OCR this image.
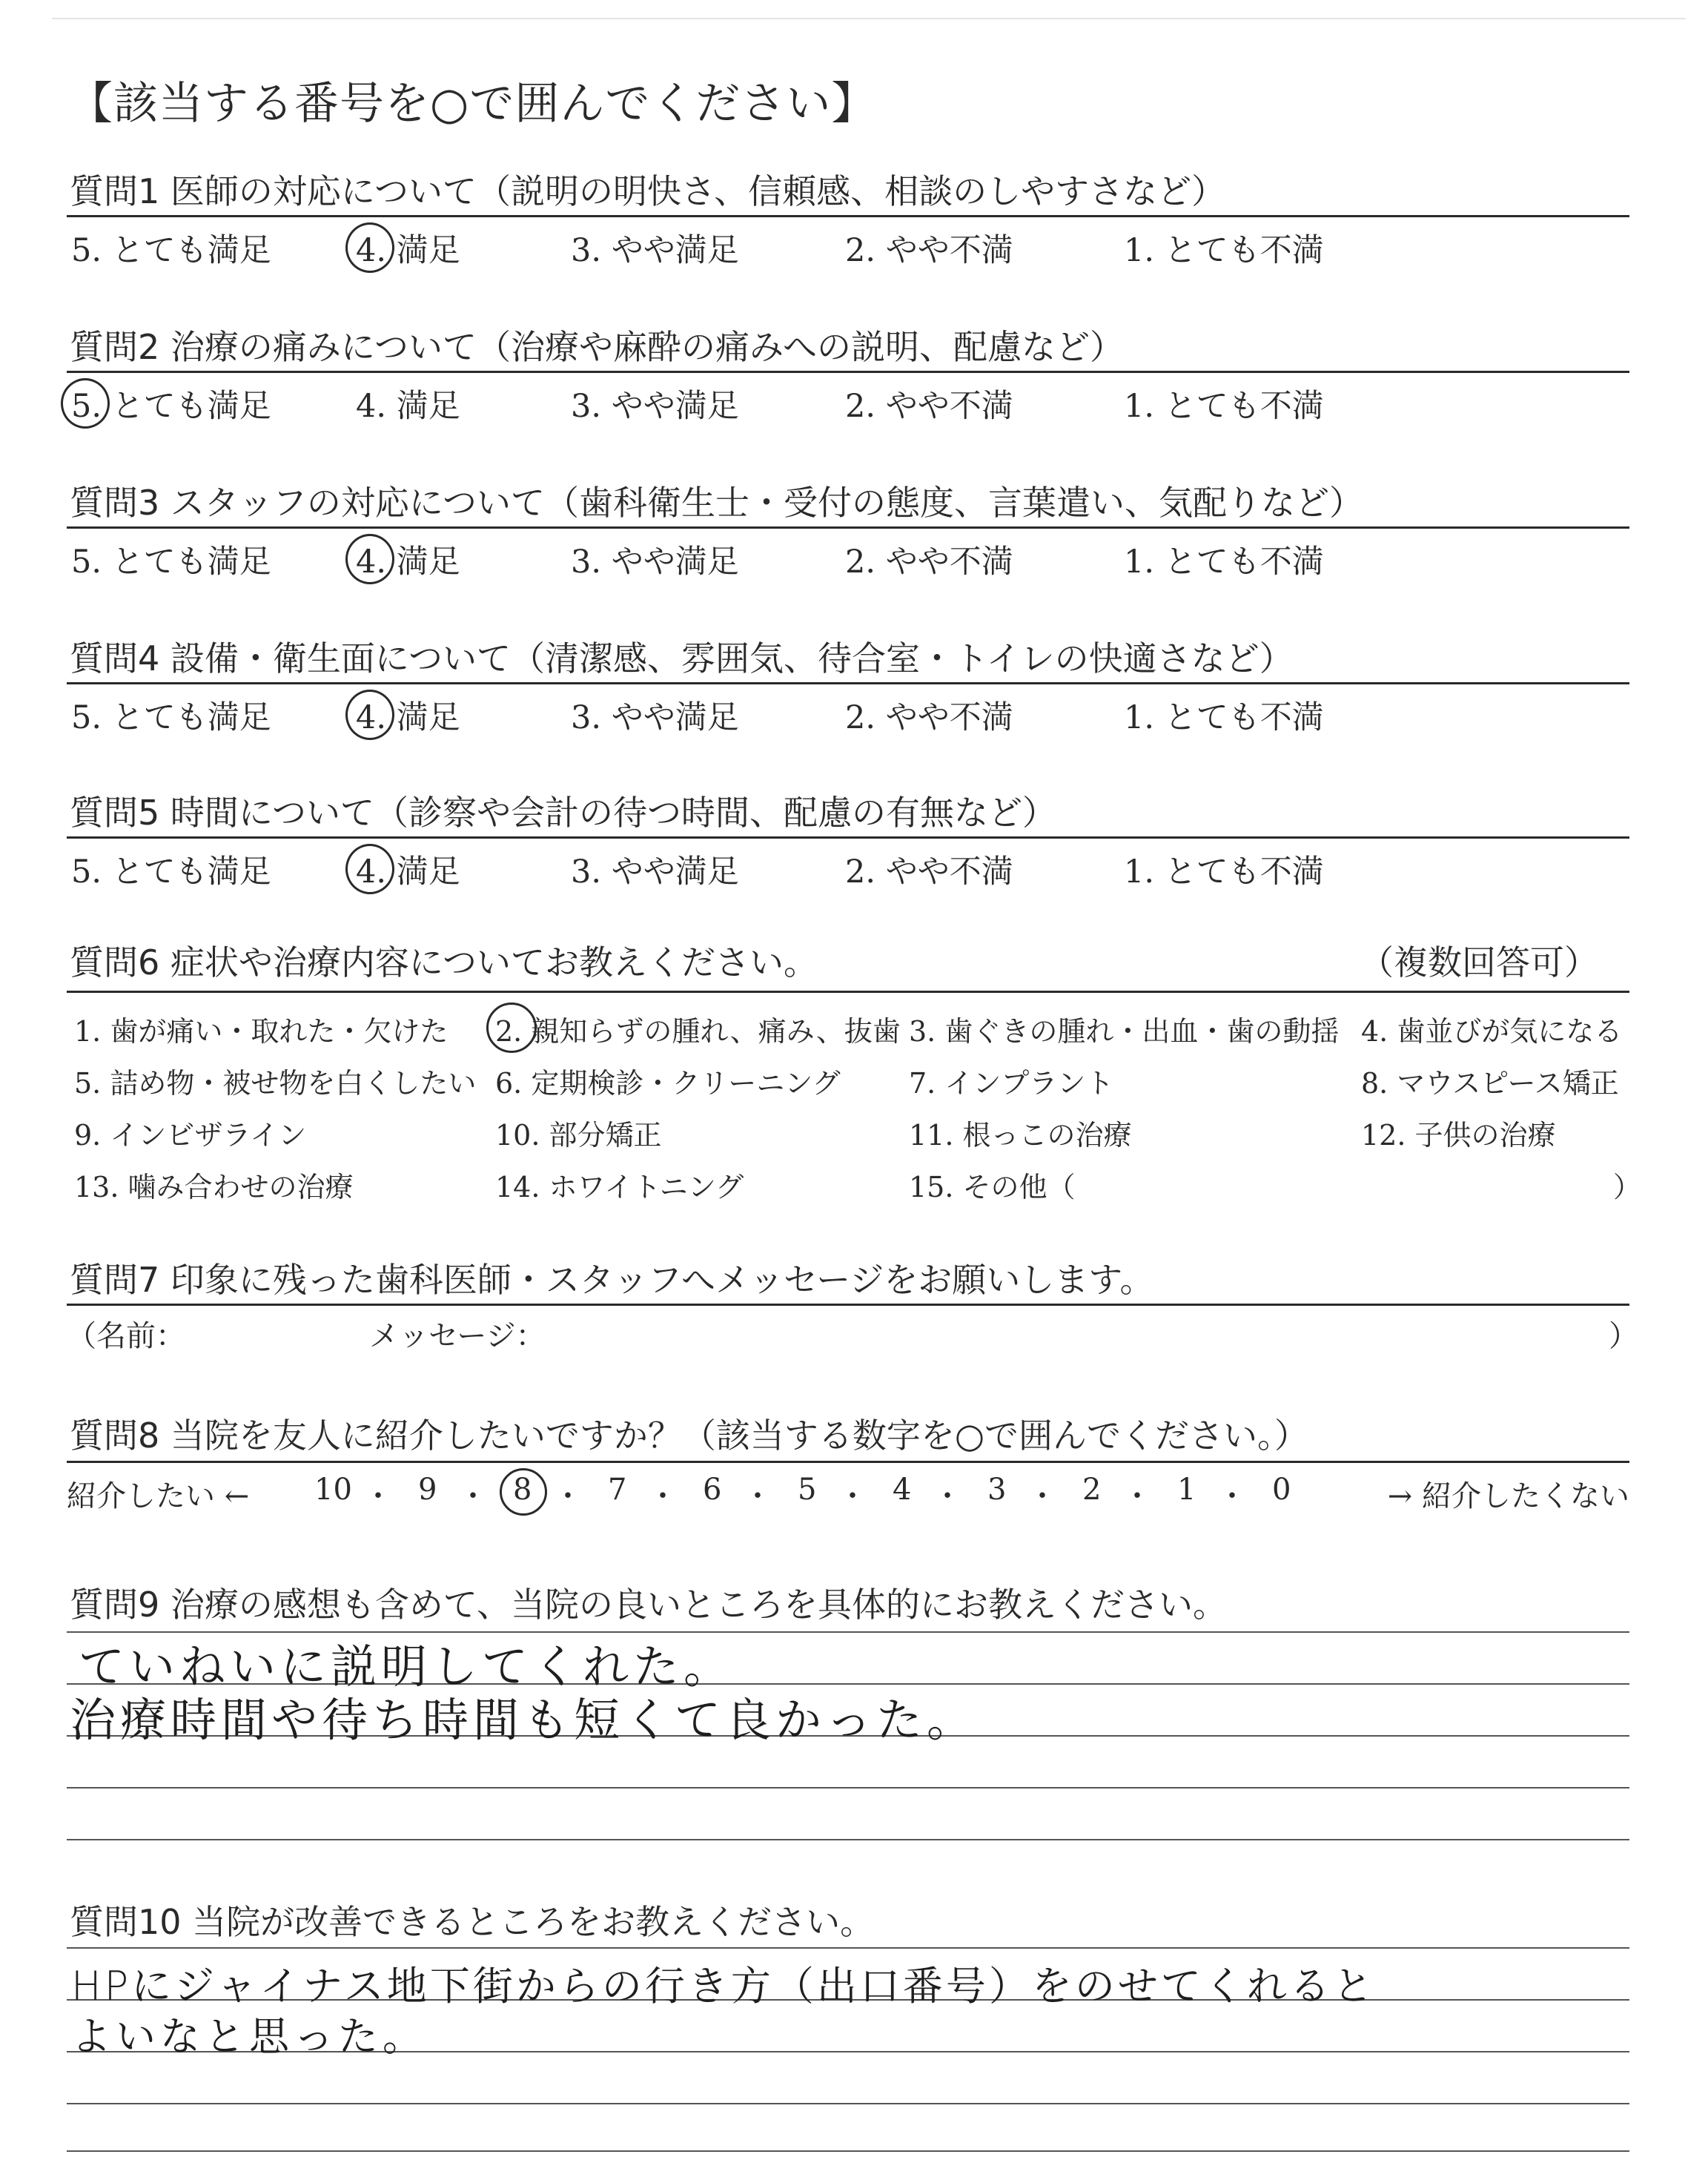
【該当する番号を○で囲んでください】
質問1 医師の対応について（説明の明快さ、信頼感、相談のしやすさなど）
5. とても満足	4. 満足	3. やや満足	2. やや不満	1. とても不満
質問2 治療の痛みについて（治療や麻酔の痛みへの説明、配慮など）
5. とても満足	4. 満足	3. やや満足	2. やや不満	1. とても不満
質問3 スタッフの対応について（歯科衛生士・受付の態度、言葉遣い、気配りなど）
5. とても満足	4. 満足	3. やや満足	2. やや不満	1. とても不満
質問4 設備・衛生面について（清潔感、雰囲気、待合室・トイレの快適さなど）
5. とても満足	4. 満足	3. やや満足	2. やや不満	1. とても不満
質問5 時間について（診察や会計の待つ時間、配慮の有無など）
5. とても満足	4. 満足	3. やや満足	2. やや不満	1. とても不満
質問6 症状や治療内容についてお教えください。	（複数回答可）
1. 歯が痛い・取れた・欠けた 2. 親知らずの腫れ、痛み、抜歯 3. 歯ぐきの腫れ・出血・歯の動揺 4. 歯並びが気になる
5. 詰め物・被せ物を白くしたい 6. 定期検診・クリーニング 7. インプラント	8. マウスピース矯正
9. インビザライン	10. 部分矯正	11. 根っこの治療	12. 子供の治療
13. 噛み合わせの治療	14. ホワイトニング	15. その他（	）
質問7 印象に残った歯科医師・スタッフへメッセージをお願いします。
（名前：	メッセージ：	）
質問8 当院を友人に紹介したいですか？（該当する数字を○で囲んでください。）
紹介したい ←	→ 紹介したくない
10 ・ 9 ・ 8 ・ 7 ・ 6 ・ 5 ・ 4 ・ 3 ・ 2 ・ 1 ・ 0
質問9 治療の感想も含めて、当院の良いところを具体的にお教えください。
ていねいに説明してくれた。
治療時間や待ち時間も短くて良かった。
質問10 当院が改善できるところをお教えください。
HPにジャイナス地下街からの行き方（出口番号）をのせてくれると
よいなと思った。
